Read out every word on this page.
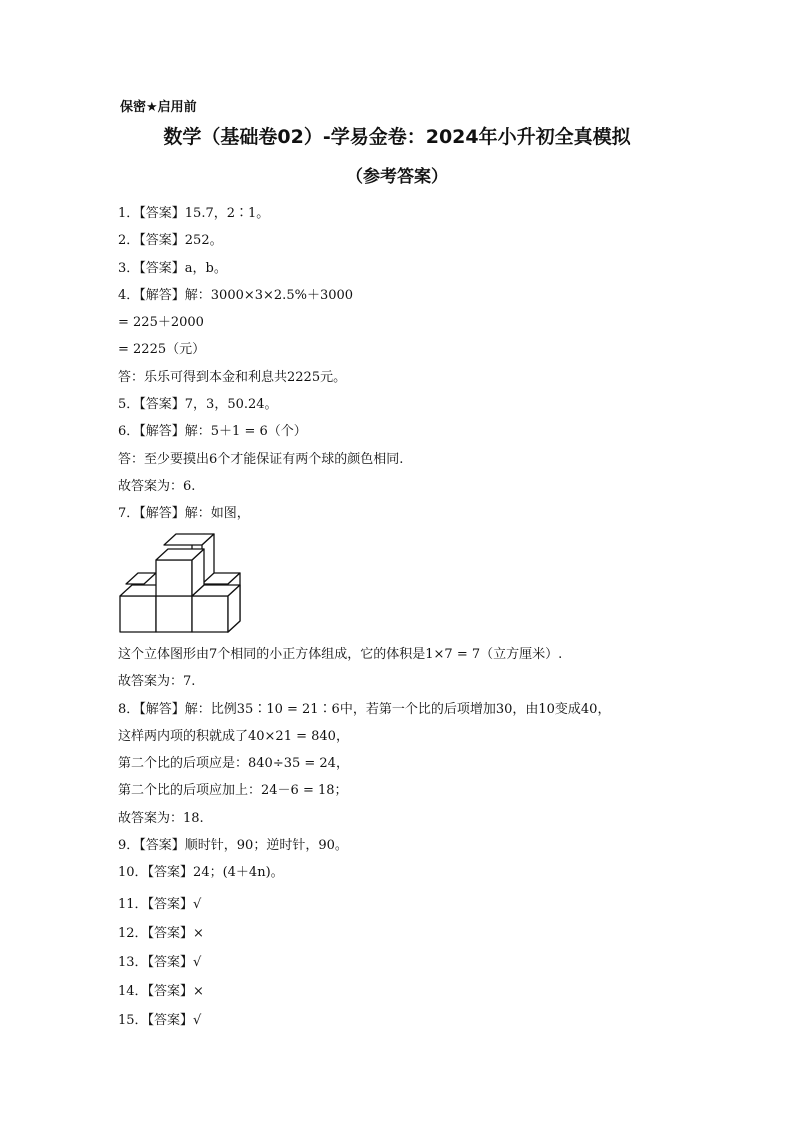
保密★启用前
数学（基础卷02）-学易金卷：2024年小升初全真模拟
（参考答案）
1．【答案】15.7，2∶1。
2．【答案】252。
3．【答案】a，b。
4．【解答】解：3000×3×2.5%＋3000
= 225＋2000
= 2225（元）
答：乐乐可得到本金和利息共2225元。
5．【答案】7，3，50.24。
6．【解答】解：5＋1 = 6（个）
答：至少要摸出6个才能保证有两个球的颜色相同.
故答案为：6.
7．【解答】解：如图，
这个立体图形由7个相同的小正方体组成，它的体积是1×7 = 7（立方厘米）.
故答案为：7.
8．【解答】解：比例35∶10 = 21∶6中，若第一个比的后项增加30，由10变成40，
这样两内项的积就成了40×21 = 840，
第二个比的后项应是：840÷35 = 24，
第二个比的后项应加上：24－6 = 18；
故答案为：18.
9．【答案】顺时针，90；逆时针，90。
10．【答案】24；(4＋4n)。
11．【答案】√
12．【答案】×
13．【答案】√
14．【答案】×
15．【答案】√
